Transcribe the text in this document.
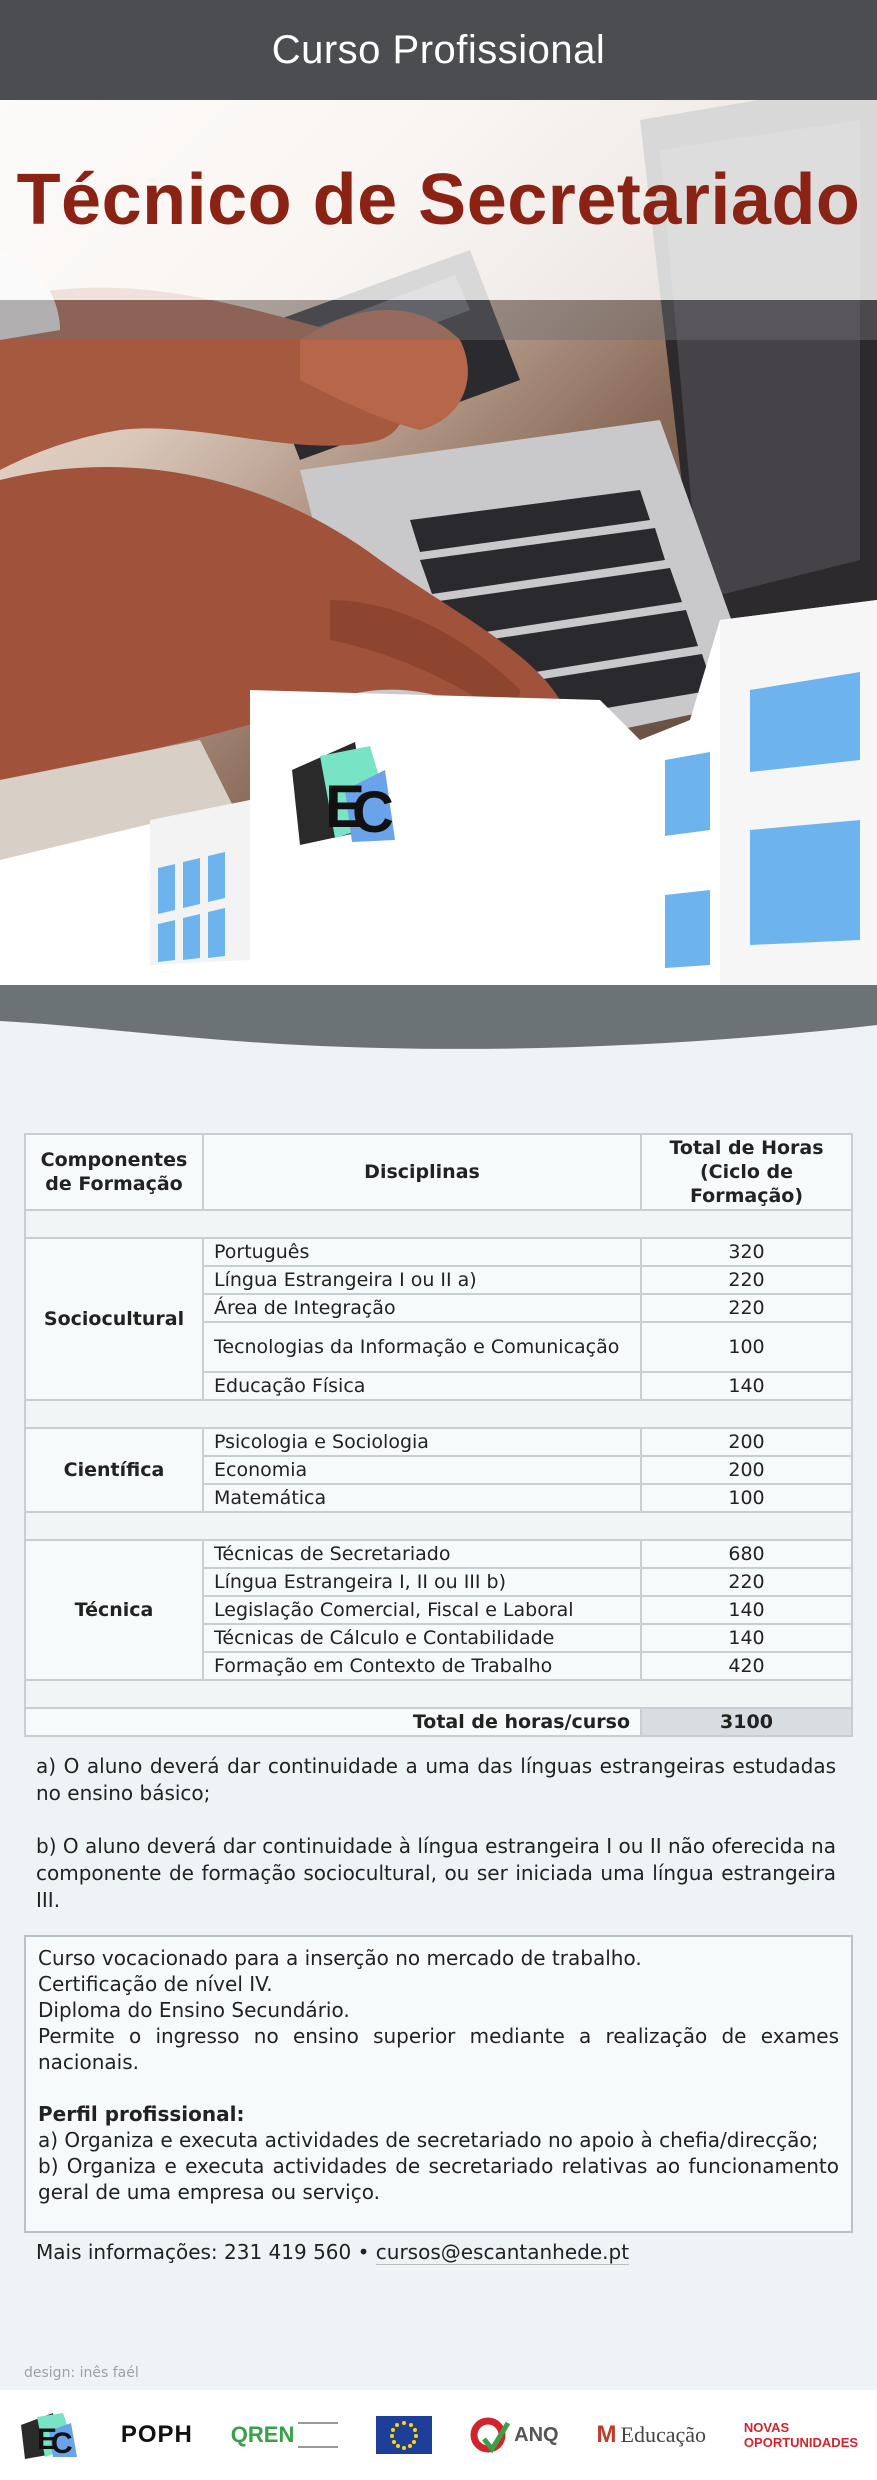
E
C
Curso Profissional
Técnico de Secretariado
Componentes de Formação	Disciplinas	Total de Horas (Ciclo de Formação)

Sociocultural	Português	320
	Língua Estrangeira I ou II a)	220
	Área de Integração	220
	Tecnologias da Informação e Comunicação	100
	Educação Física	140

Científica	Psicologia e Sociologia	200
	Economia	200
	Matemática	100

Técnica	Técnicas de Secretariado	680
	Língua Estrangeira I, II ou III b)	220
	Legislação Comercial, Fiscal e Laboral	140
	Técnicas de Cálculo e Contabilidade	140
	Formação em Contexto de Trabalho	420

	Total de horas/curso	3100
a) O aluno deverá dar continuidade a uma das línguas estrangeiras estudadas no ensino básico;
b) O aluno deverá dar continuidade à língua estrangeira I ou II não oferecida na componente de formação sociocultural, ou ser iniciada uma língua estrangeira III.

Curso vocacionado para a inserção no mercado de trabalho.

Certificação de nível IV.

Diploma do Ensino Secundário.

Permite o ingresso no ensino superior mediante a realização de exames nacionais.

Perfil profissional:

a) Organiza e executa actividades de secretariado no apoio à chefia/direcção;

b) Organiza e executa actividades de secretariado relativas ao funcionamento geral de uma empresa ou serviço.

Mais informações: 231 419 560 • cursos@escantanhede.pt
design: inês faél
E
C POPH QREN	ANQ M Educação	NOVAS
OPORTUNIDADES
